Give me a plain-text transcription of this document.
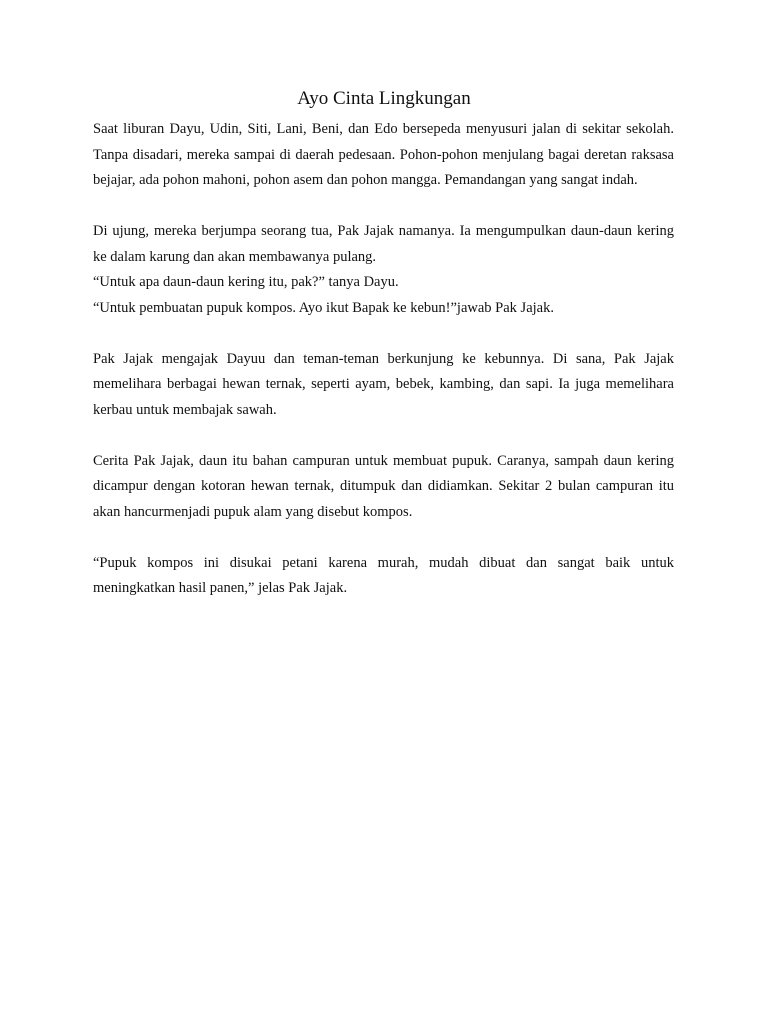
Ayo Cinta Lingkungan

Saat liburan Dayu, Udin, Siti, Lani, Beni, dan Edo bersepeda menyusuri jalan di sekitar sekolah. Tanpa disadari, mereka sampai di daerah pedesaan. Pohon-pohon menjulang bagai deretan raksasa bejajar, ada pohon mahoni, pohon asem dan pohon mangga. Pemandangan yang sangat indah.

Di ujung, mereka berjumpa seorang tua, Pak Jajak namanya. Ia mengumpulkan daun-daun kering ke dalam karung dan akan membawanya pulang.

“Untuk apa daun-daun kering itu, pak?” tanya Dayu.

“Untuk pembuatan pupuk kompos. Ayo ikut Bapak ke kebun!”jawab Pak Jajak.

Pak Jajak mengajak Dayuu dan teman-teman berkunjung ke kebunnya. Di sana, Pak Jajak memelihara berbagai hewan ternak, seperti ayam, bebek, kambing, dan sapi. Ia juga memelihara kerbau untuk membajak sawah.

Cerita Pak Jajak, daun itu bahan campuran untuk membuat pupuk. Caranya, sampah daun kering dicampur dengan kotoran hewan ternak, ditumpuk dan didiamkan. Sekitar 2 bulan campuran itu akan hancurmenjadi pupuk alam yang disebut kompos.

“Pupuk kompos ini disukai petani karena murah, mudah dibuat dan sangat baik untuk meningkatkan hasil panen,” jelas Pak Jajak.
